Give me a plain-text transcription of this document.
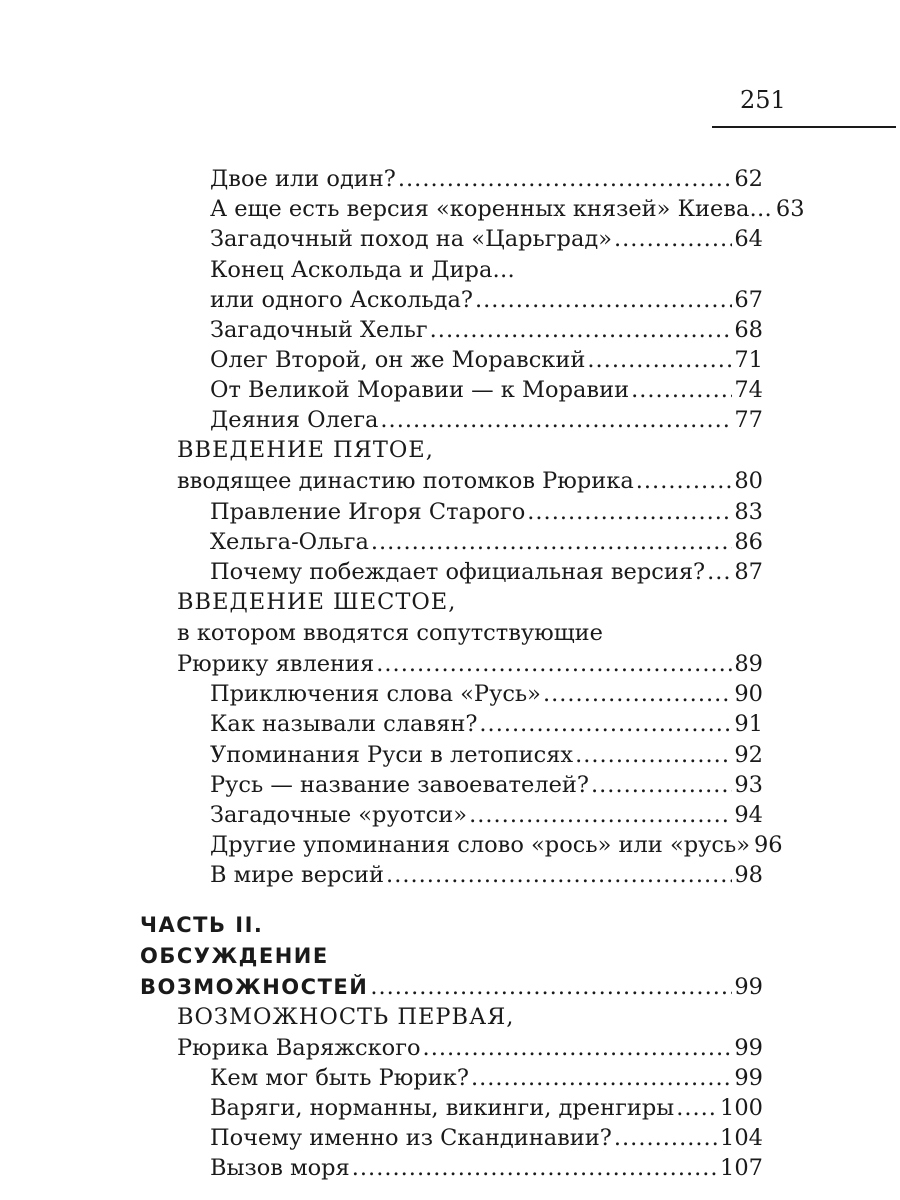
251
Двое или один? .....	62
А еще есть версия «коренных князей» Киева… 63
Загадочный поход на «Царьград» .....	64
Конец Аскольда и Дира…
или одного Аскольда? .....	67
Загадочный Хельг .....	68
Олег Второй, он же Моравский .....	71
От Великой Моравии — к Моравии .....	74
Деяния Олега .....	77
ВВЕДЕНИЕ ПЯТОЕ,
вводящее династию потомков Рюрика .....	80
Правление Игоря Старого .....	83
Хельга-Ольга .....	86
Почему побеждает официальная версия? ..... 87
ВВЕДЕНИЕ ШЕСТОЕ,
в котором вводятся сопутствующие
Рюрику явления .....	89
Приключения слова «Русь» .....	90
Как называли славян? .....	91
Упоминания Руси в летописях .....	92
Русь — название завоевателей? .....	93
Загадочные «руотси» .....	94
Другие упоминания слово «рось» или «русь» 96
В мире версий .....	98
ЧАСТЬ II.
ОБСУЖДЕНИЕ
ВОЗМОЖНОСТЕЙ .....	99
ВОЗМОЖНОСТЬ ПЕРВАЯ,
Рюрика Варяжского .....	99
Кем мог быть Рюрик? .....	99
Варяги, норманны, викинги, дренгиры ..... 100
Почему именно из Скандинавии? .....	104
Вызов моря .....	107
